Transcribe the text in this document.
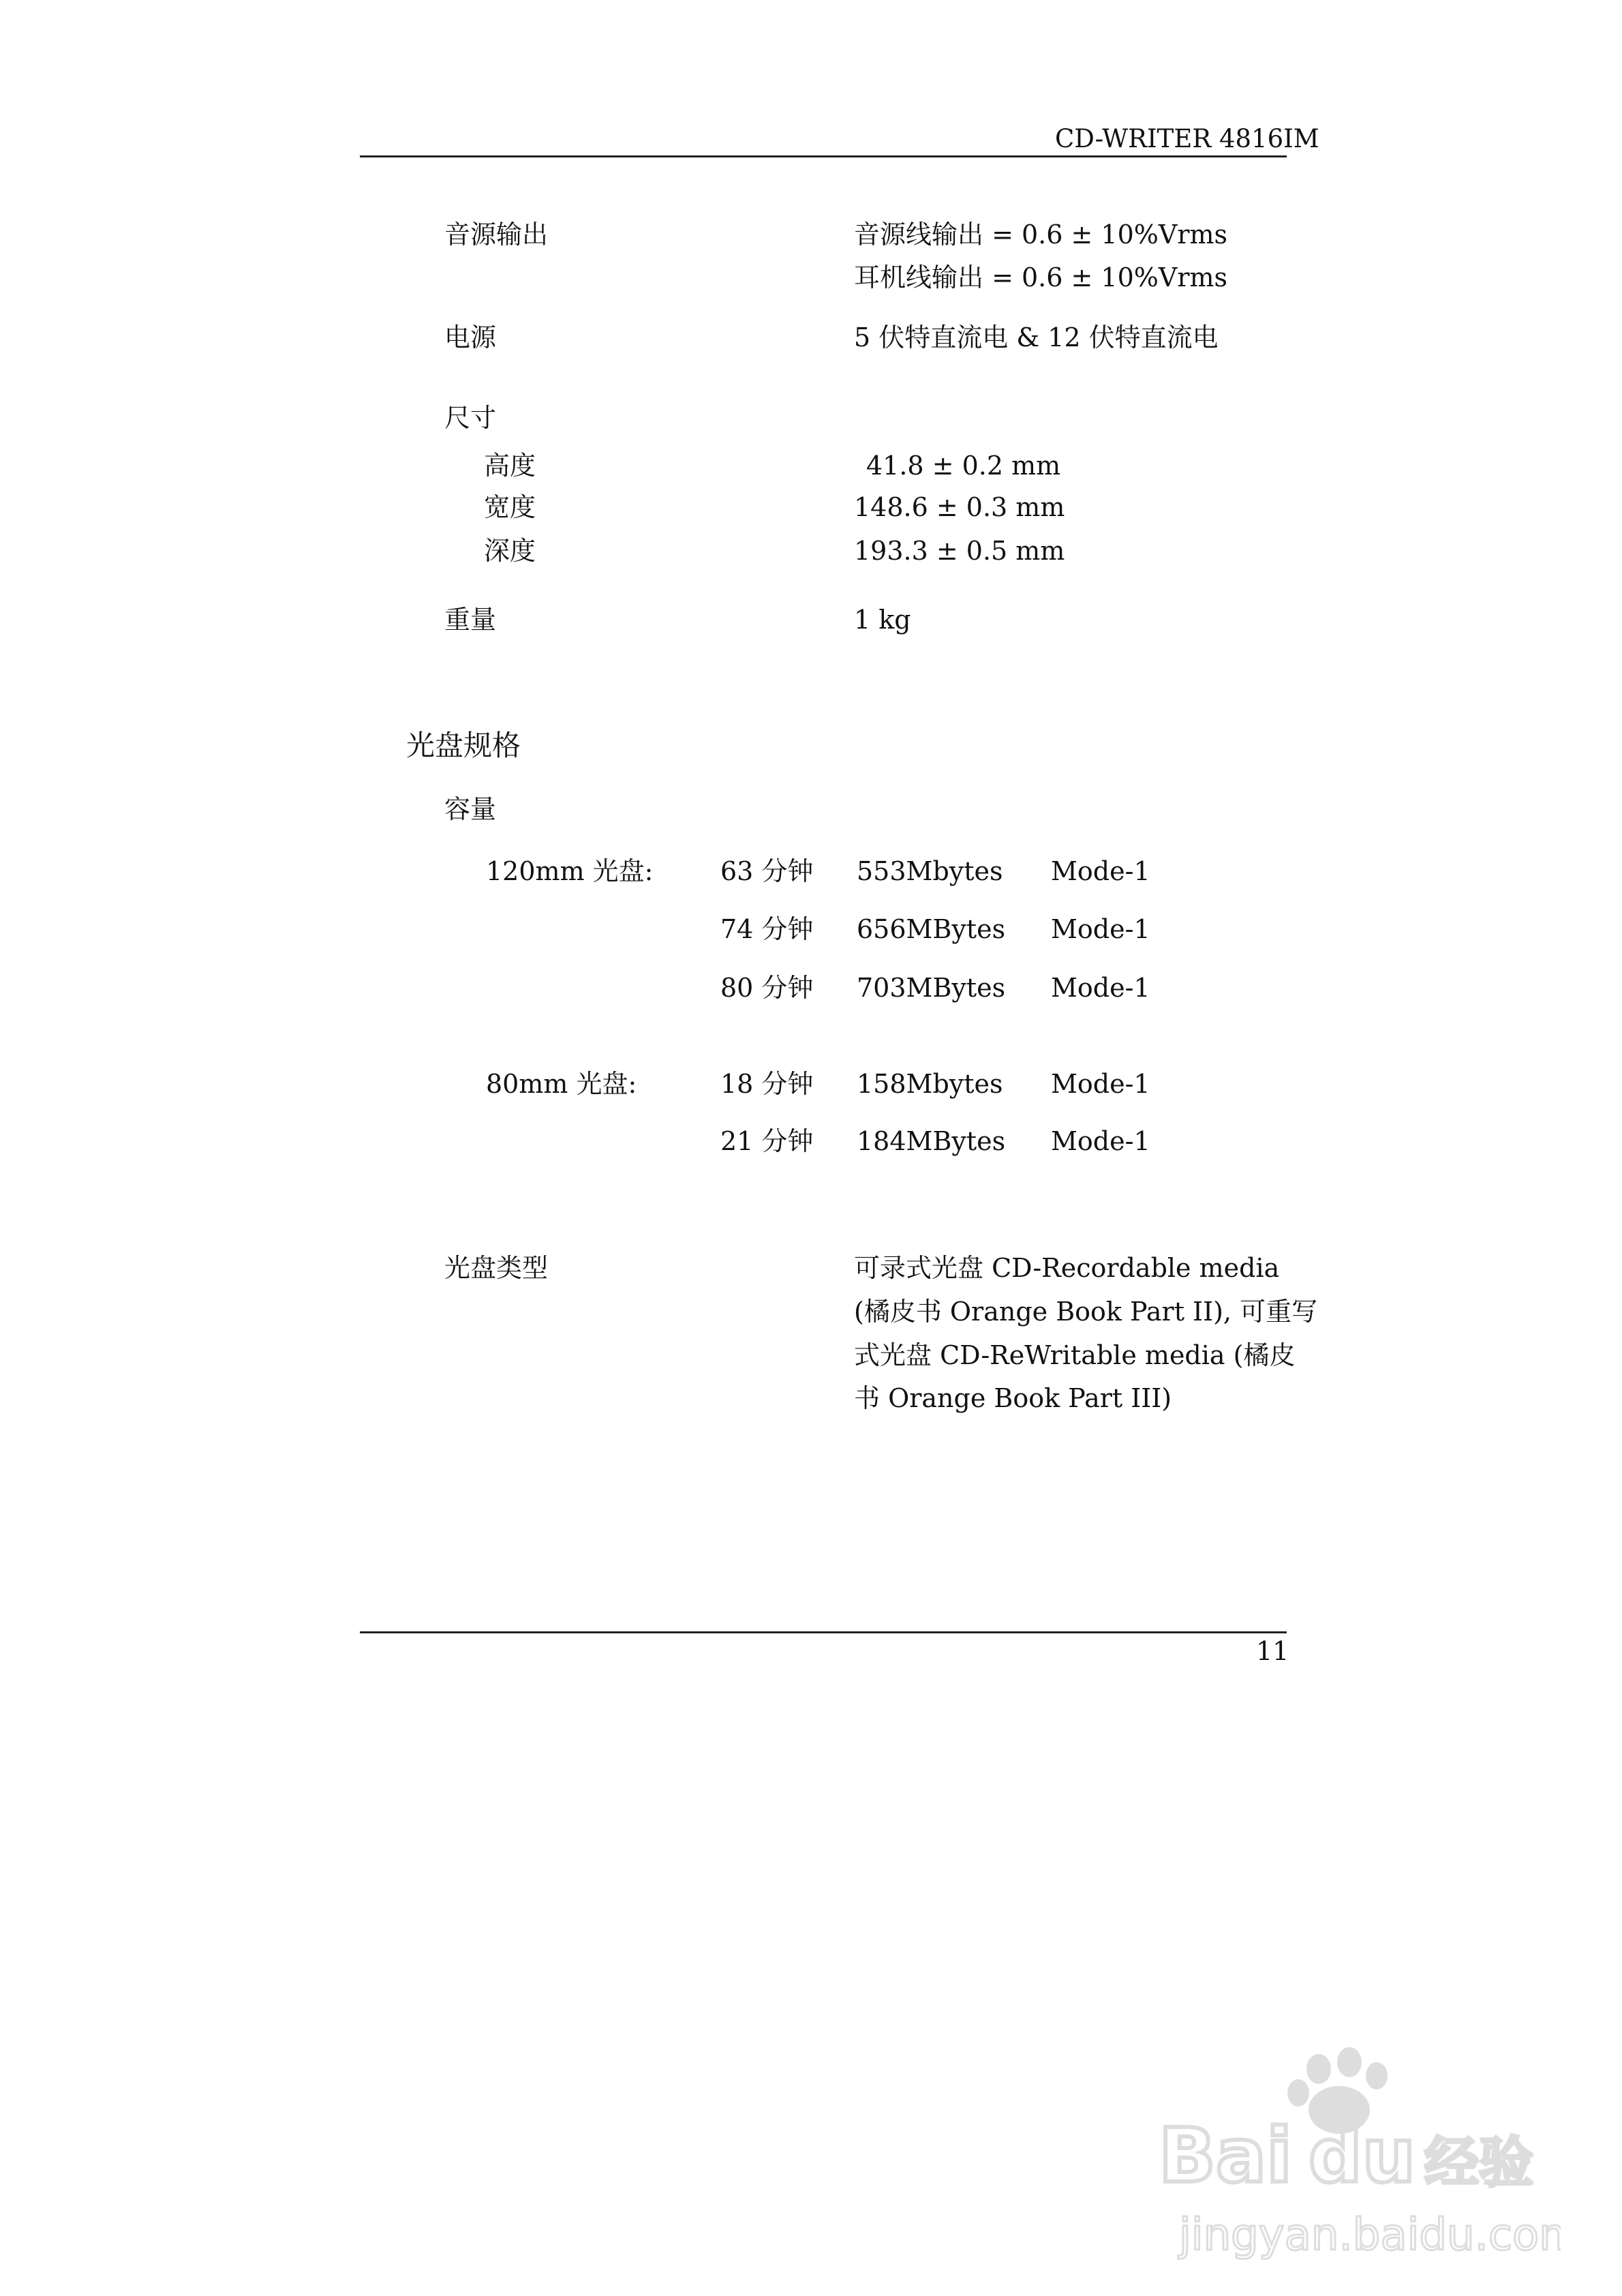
CD-WRITER 4816IM
音源输出	音源线输出 = 0.6 ± 10%Vrms
耳机线输出 = 0.6 ± 10%Vrms
电源	5 伏特直流电 & 12 伏特直流电
尺寸
高度	41.8 ± 0.2 mm
宽度	148.6 ± 0.3 mm
深度	193.3 ± 0.5 mm
重量	1 kg
光盘规格
容量
120mm 光盘:	63 分钟 553Mbytes Mode-1
74 分钟 656MBytes Mode-1
80 分钟 703MBytes Mode-1
80mm 光盘:	18 分钟 158Mbytes Mode-1
21 分钟 184MBytes Mode-1
光盘类型	可录式光盘 CD-Recordable media
(橘皮书 Orange Book Part II), 可重写
式光盘 CD-ReWritable media (橘皮
书 Orange Book Part III)
11
Bai du 经验
jingyan.baidu.com
